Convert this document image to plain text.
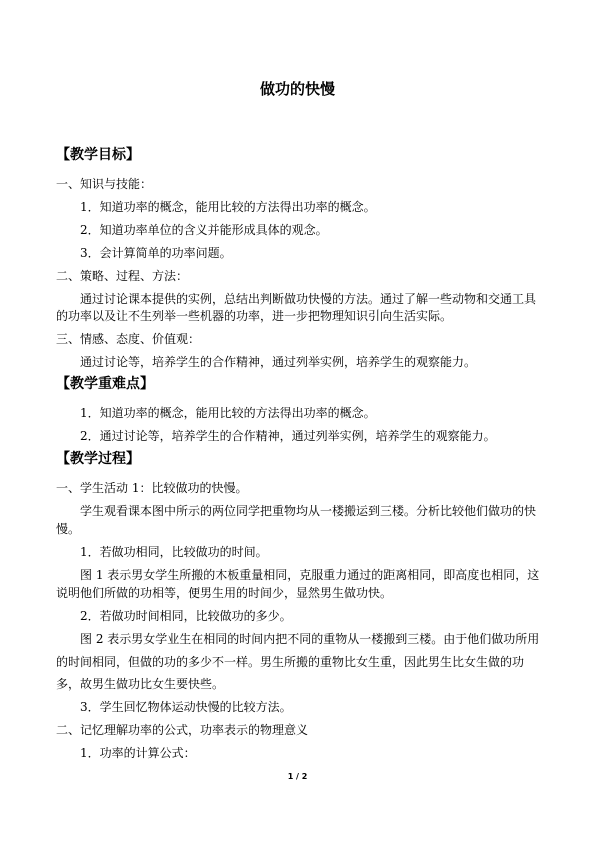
做功的快慢
【教学目标】
一、知识与技能：
1．知道功率的概念，能用比较的方法得出功率的概念。
2．知道功率单位的含义并能形成具体的观念。
3．会计算简单的功率问题。
二、策略、过程、方法：
通过讨论课本提供的实例，总结出判断做功快慢的方法。通过了解一些动物和交通工具
的功率以及让不生列举一些机器的功率，进一步把物理知识引向生活实际。
三、情感、态度、价值观：
通过讨论等，培养学生的合作精神，通过列举实例，培养学生的观察能力。
【教学重难点】
1．知道功率的概念，能用比较的方法得出功率的概念。
2．通过讨论等，培养学生的合作精神，通过列举实例，培养学生的观察能力。
【教学过程】
一、学生活动 1：比较做功的快慢。
学生观看课本图中所示的两位同学把重物均从一楼搬运到三楼。分析比较他们做功的快
慢。
1．若做功相同，比较做功的时间。
图 1 表示男女学生所搬的木板重量相同，克服重力通过的距离相同，即高度也相同，这
说明他们所做的功相等，便男生用的时间少，显然男生做功快。
2．若做功时间相同，比较做功的多少。
图 2 表示男女学业生在相同的时间内把不同的重物从一楼搬到三楼。由于他们做功所用
的时间相同，但做的功的多少不一样。男生所搬的重物比女生重，因此男生比女生做的功
多，故男生做功比女生要快些。
3．学生回忆物体运动快慢的比较方法。
二、记忆理解功率的公式，功率表示的物理意义
1．功率的计算公式：
1 / 2
